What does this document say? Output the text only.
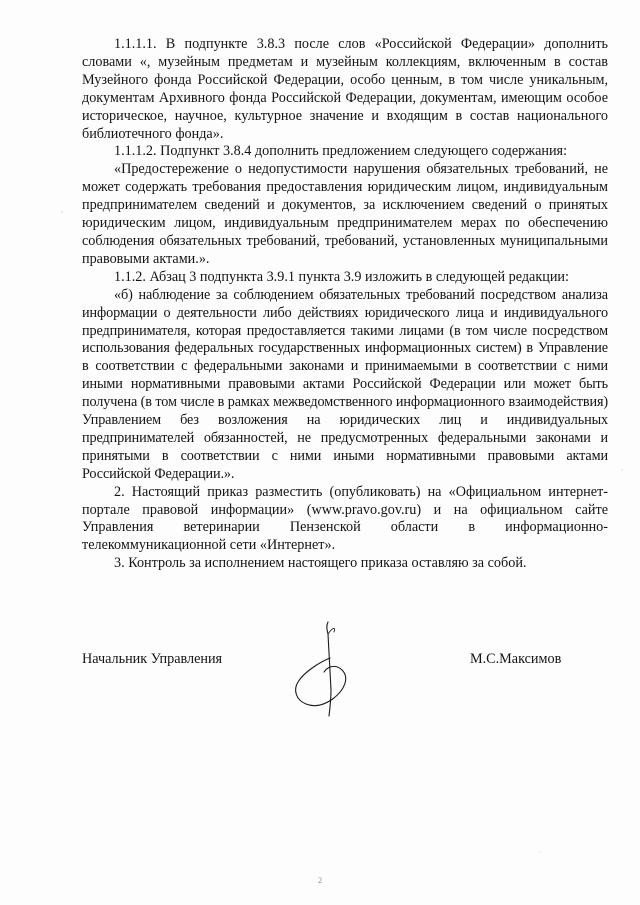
1.1.1.1. В подпункте 3.8.3 после слов «Российской Федерации» дополнить словами «, музейным предметам и музейным коллекциям, включенным в состав Музейного фонда Российской Федерации, особо ценным, в том числе уникальным, документам Архивного фонда Российской Федерации, документам, имеющим особое историческое, научное, культурное значение и входящим в состав национального библиотечного фонда».

1.1.1.2. Подпункт 3.8.4 дополнить предложением следующего содержания:

«Предостережение о недопустимости нарушения обязательных требований, не может содержать требования предоставления юридическим лицом, индивидуальным предпринимателем сведений и документов, за исключением сведений о принятых юридическим лицом, индивидуальным предпринимателем мерах по обеспечению соблюдения обязательных требований, требований, установленных муниципальными правовыми актами.».

1.1.2. Абзац 3 подпункта 3.9.1 пункта 3.9 изложить в следующей редакции:

«б) наблюдение за соблюдением обязательных требований посредством анализа информации о деятельности либо действиях юридического лица и индивидуального предпринимателя, которая предоставляется такими лицами (в том числе посредством использования федеральных государственных информационных систем) в Управление в соответствии с федеральными законами и принимаемыми в соответствии с ними иными нормативными правовыми актами Российской Федерации или может быть получена (в том числе в рамках межведомственного информационного взаимодействия) Управлением без возложения на юридических лиц и индивидуальных предпринимателей обязанностей, не предусмотренных федеральными законами и принятыми в соответствии с ними иными нормативными правовыми актами Российской Федерации.».

2. Настоящий приказ разместить (опубликовать) на «Официальном интернет-портале правовой информации» (www.pravo.gov.ru) и на официальном сайте Управления ветеринарии Пензенской области в информационно-телекоммуникационной сети «Интернет».

3. Контроль за исполнением настоящего приказа оставляю за собой.

Начальник Управления	М.С.Максимов
2
